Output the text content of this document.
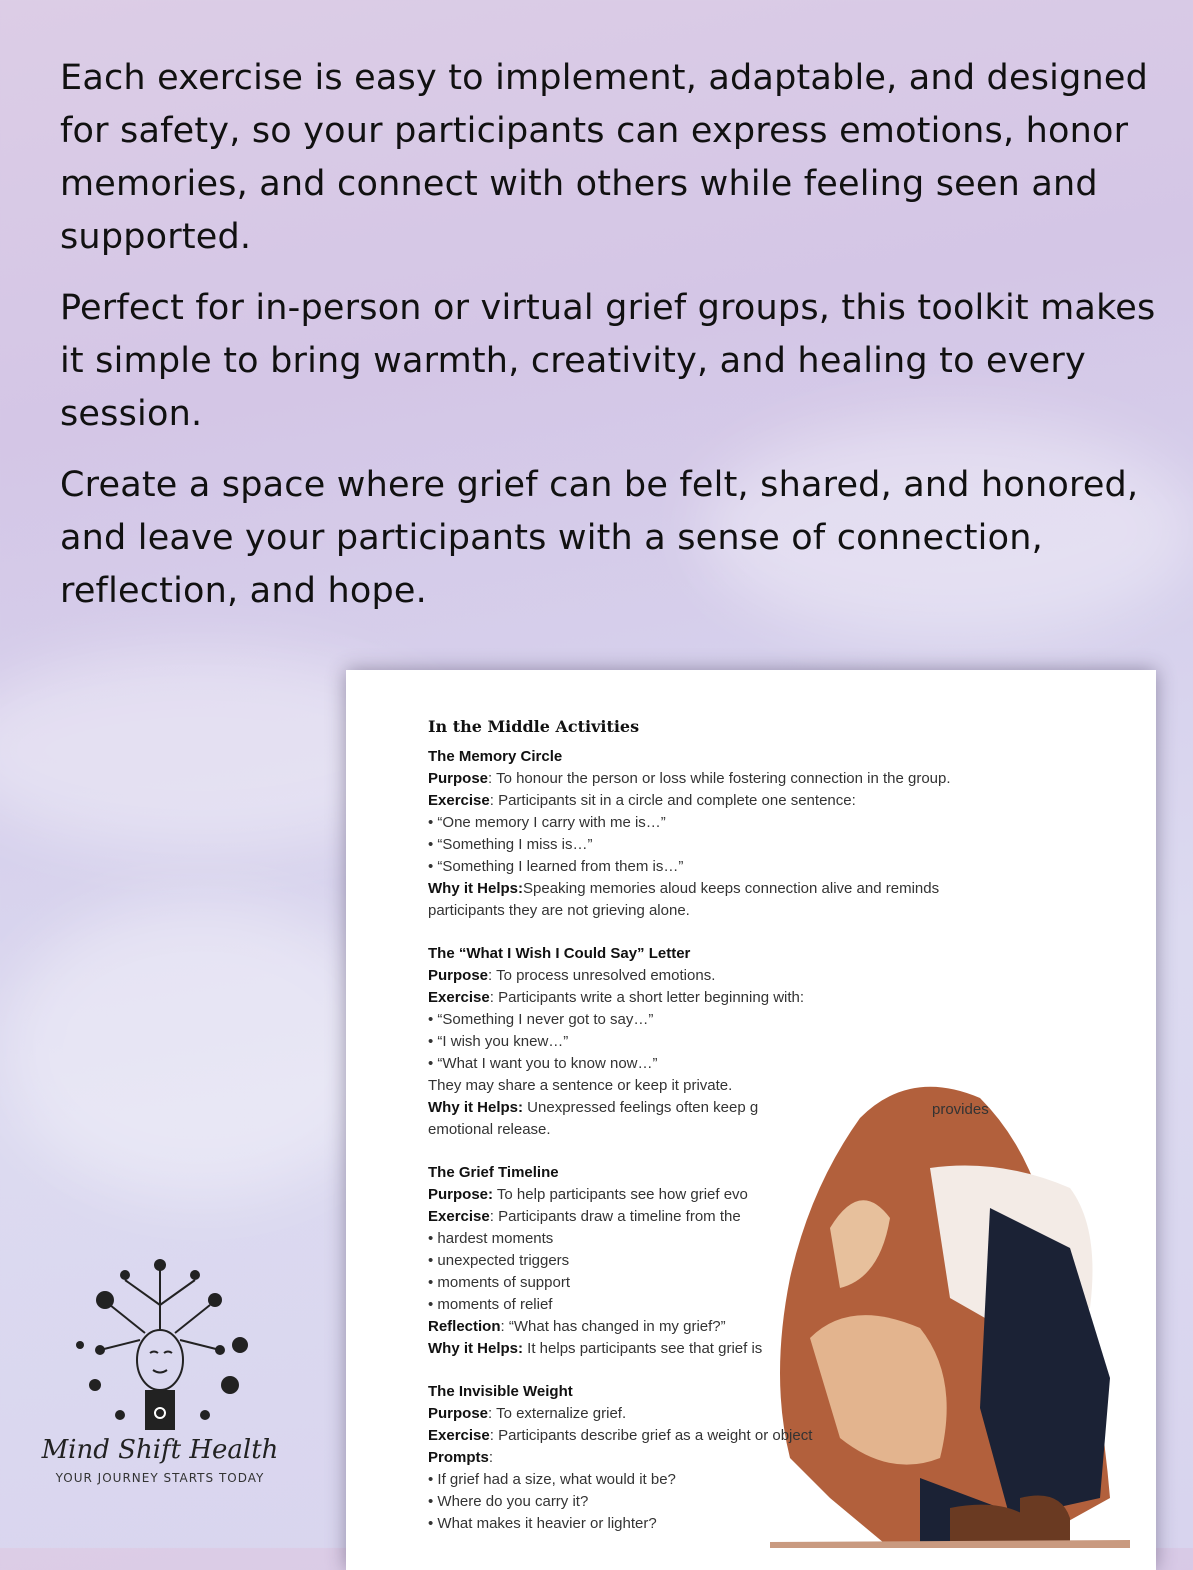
Each exercise is easy to implement, adaptable, and designed for safety, so your participants can express emotions, honor memories, and connect with others while feeling seen and supported.

Perfect for in-person or virtual grief groups, this toolkit makes it simple to bring warmth, creativity, and healing to every session.

Create a space where grief can be felt, shared, and honored, and leave your participants with a sense of connection, reflection, and hope.

In the Middle Activities
The Memory Circle
Purpose: To honour the person or loss while fostering connection in the group.
Exercise: Participants sit in a circle and complete one sentence:
• “One memory I carry with me is…”
• “Something I miss is…”
• “Something I learned from them is…”
Why it Helps:Speaking memories aloud keeps connection alive and reminds
participants they are not grieving alone.
The “What I Wish I Could Say” Letter
Purpose: To process unresolved emotions.
Exercise: Participants write a short letter beginning with:
• “Something I never got to say…”
• “I wish you knew…”
• “What I want you to know now…”
They may share a sentence or keep it private.
Why it Helps: Unexpressed feelings often keep g
emotional release.
The Grief Timeline
Purpose: To help participants see how grief evo
Exercise: Participants draw a timeline from the
• hardest moments
• unexpected triggers
• moments of support
• moments of relief
Reflection: “What has changed in my grief?”
Why it Helps: It helps participants see that grief is
The Invisible Weight
Purpose: To externalize grief.
Exercise: Participants describe grief as a weight or object
Prompts:
• If grief had a size, what would it be?
• Where do you carry it?
• What makes it heavier or lighter?
provides
Mind Shift Health
YOUR JOURNEY STARTS TODAY
